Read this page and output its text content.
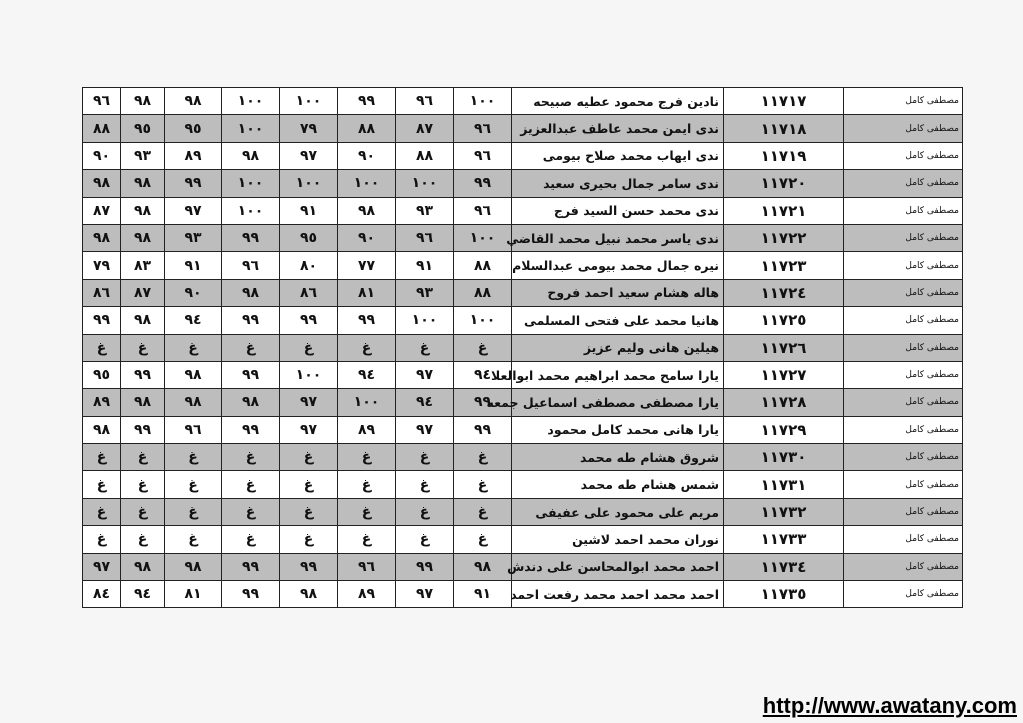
٩٦	٩٨	٩٨	١٠٠	١٠٠	٩٩	٩٦	١٠٠	نادين فرج محمود عطيه صبيحه	١١٧١٧	مصطفى كامل
٨٨	٩٥	٩٥	١٠٠	٧٩	٨٨	٨٧	٩٦	ندى ايمن محمد عاطف عبدالعزيز	١١٧١٨	مصطفى كامل
٩٠	٩٣	٨٩	٩٨	٩٧	٩٠	٨٨	٩٦	ندى ايهاب محمد صلاح بيومى	١١٧١٩	مصطفى كامل
٩٨	٩٨	٩٩	١٠٠	١٠٠	١٠٠	١٠٠	٩٩	ندى سامر جمال بحيرى سعيد	١١٧٢٠	مصطفى كامل
٨٧	٩٨	٩٧	١٠٠	٩١	٩٨	٩٣	٩٦	ندى محمد حسن السيد فرج	١١٧٢١	مصطفى كامل
٩٨	٩٨	٩٣	٩٩	٩٥	٩٠	٩٦	١٠٠	ندى ياسر محمد نبيل محمد القاضي	١١٧٢٢	مصطفى كامل
٧٩	٨٣	٩١	٩٦	٨٠	٧٧	٩١	٨٨	نيره جمال محمد بيومى عبدالسلام	١١٧٢٣	مصطفى كامل
٨٦	٨٧	٩٠	٩٨	٨٦	٨١	٩٣	٨٨	هاله هشام سعيد احمد فروح	١١٧٢٤	مصطفى كامل
٩٩	٩٨	٩٤	٩٩	٩٩	٩٩	١٠٠	١٠٠	هانيا محمد على فتحى المسلمى	١١٧٢٥	مصطفى كامل
غ	غ	غ	غ	غ	غ	غ	غ	هيلين هانى وليم عزيز	١١٧٢٦	مصطفى كامل
٩٥	٩٩	٩٨	٩٩	١٠٠	٩٤	٩٧	٩٤	يارا سامح محمد ابراهيم محمد ابوالعلا	١١٧٢٧	مصطفى كامل
٨٩	٩٨	٩٨	٩٨	٩٧	١٠٠	٩٤	٩٩	يارا مصطفى مصطفى اسماعيل جمعه	١١٧٢٨	مصطفى كامل
٩٨	٩٩	٩٦	٩٩	٩٧	٨٩	٩٧	٩٩	يارا هانى محمد كامل محمود	١١٧٢٩	مصطفى كامل
غ	غ	غ	غ	غ	غ	غ	غ	شروق هشام طه محمد	١١٧٣٠	مصطفى كامل
غ	غ	غ	غ	غ	غ	غ	غ	شمس هشام طه محمد	١١٧٣١	مصطفى كامل
غ	غ	غ	غ	غ	غ	غ	غ	مريم على محمود على عفيفى	١١٧٣٢	مصطفى كامل
غ	غ	غ	غ	غ	غ	غ	غ	نوران محمد احمد لاشين	١١٧٣٣	مصطفى كامل
٩٧	٩٨	٩٨	٩٩	٩٩	٩٦	٩٩	٩٨	احمد محمد ابوالمحاسن على دندش	١١٧٣٤	مصطفى كامل
٨٤	٩٤	٨١	٩٩	٩٨	٨٩	٩٧	٩١	احمد محمد احمد محمد رفعت احمد	١١٧٣٥	مصطفى كامل
http://www.awatany.com
